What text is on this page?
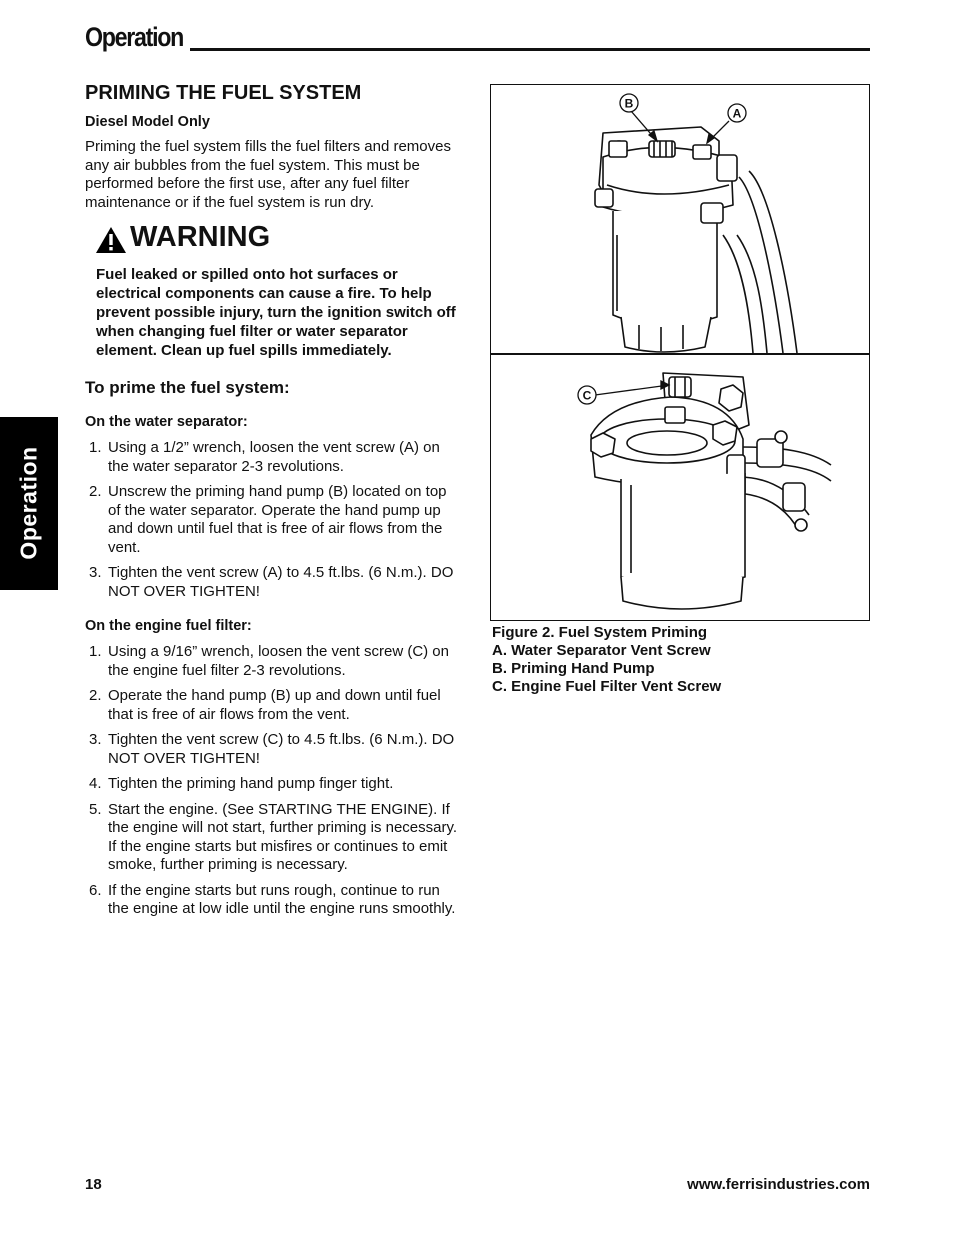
Operation
Operation
PRIMING THE FUEL SYSTEM
Diesel Model Only
Priming the fuel system fills the fuel filters and removes any air bubbles from the fuel system. This must be performed before the first use, after any fuel filter maintenance or if the fuel system is run dry.
WARNING
Fuel leaked or spilled onto hot surfaces or electrical components can cause a fire. To help prevent possible injury, turn the ignition switch off when changing fuel filter or water separator element. Clean up fuel spills immediately.
To prime the fuel system:
On the water separator:
1. Using a 1/2” wrench, loosen the vent screw (A) on the water separator 2-3 revolutions.
2. Unscrew the priming hand pump (B) located on top of the water separator. Operate the hand pump up and down until fuel that is free of air flows from the vent.
3. Tighten the vent screw (A) to 4.5 ft.lbs. (6 N.m.). DO NOT OVER TIGHTEN!
On the engine fuel filter:
1. Using a 9/16” wrench, loosen the vent screw (C) on the engine fuel filter 2-3 revolutions.
2. Operate the hand pump (B) up and down until fuel that is free of air flows from the vent.
3. Tighten the vent screw (C) to 4.5 ft.lbs. (6 N.m.). DO NOT OVER TIGHTEN!
4. Tighten the priming hand pump finger tight.
5. Start the engine. (See STARTING THE ENGINE). If the engine will not start, further priming is necessary. If the engine starts but misfires or continues to emit smoke, further priming is necessary.
6. If the engine starts but runs rough, continue to run the engine at low idle until the engine runs smoothly.
B
A
C
Figure 2. Fuel System Priming
A. Water Separator Vent Screw
B. Priming Hand Pump
C. Engine Fuel Filter Vent Screw
18	www.ferrisindustries.com
